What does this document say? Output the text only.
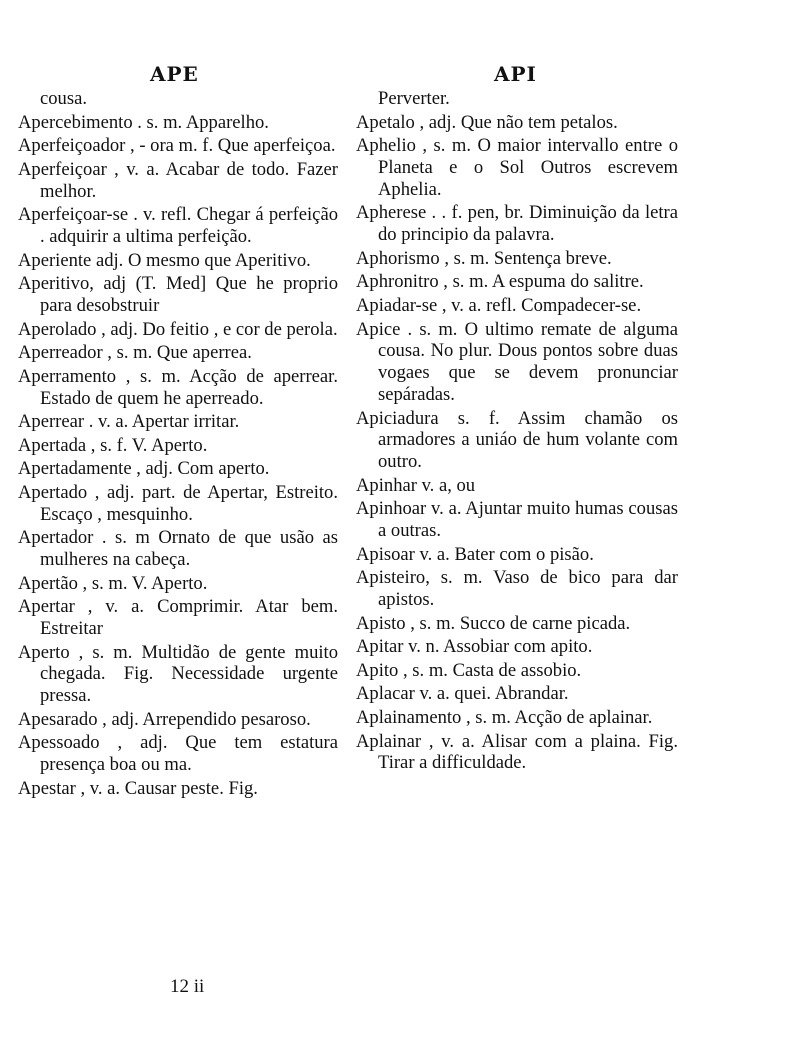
APE	API

cousa.

Apercebimento . s. m. Apparelho.

Aperfeiçoador , - ora m. f. Que aperfeiçoa.

Aperfeiçoar , v. a. Acabar de todo. Fazer melhor.

Aperfeiçoar-se . v. refl. Chegar á perfeição . adquirir a ultima perfeição.

Aperiente adj. O mesmo que Aperitivo.

Aperitivo, adj (T. Med] Que he proprio para desobstruir

Aperolado , adj. Do feitio , e cor de perola.

Aperreador , s. m. Que aperrea.

Aperramento , s. m. Acção de aperrear. Estado de quem he aperreado.

Aperrear . v. a. Apertar irritar.

Apertada , s. f. V. Aperto.

Apertadamente , adj. Com aperto.

Apertado , adj. part. de Apertar, Estreito. Escaço , mesquinho.

Apertador . s. m Ornato de que usão as mulheres na cabeça.

Apertão , s. m. V. Aperto.

Apertar , v. a. Comprimir. Atar bem. Estreitar

Aperto , s. m. Multidão de gente muito chegada. Fig. Necessidade urgente pressa.

Apesarado , adj. Arrependido pesaroso.

Apessoado , adj. Que tem estatura presença boa ou ma.

Apestar , v. a. Causar peste. Fig.

Perverter.

Apetalo , adj. Que não tem petalos.

Aphelio , s. m. O maior intervallo entre o Planeta e o Sol Outros escrevem Aphelia.

Apherese . . f. pen, br. Diminuição da letra do principio da palavra.

Aphorismo , s. m. Sentença breve.

Aphronitro , s. m. A espuma do salitre.

Apiadar-se , v. a. refl. Compadecer-se.

Apice . s. m. O ultimo remate de alguma cousa. No plur. Dous pontos sobre duas vogaes que se devem pronunciar sepáradas.

Apiciadura s. f. Assim chamão os armadores a uniáo de hum volante com outro.

Apinhar v. a, ou

Apinhoar v. a. Ajuntar muito humas cousas a outras.

Apisoar v. a. Bater com o pisão.

Apisteiro, s. m. Vaso de bico para dar apistos.

Apisto , s. m. Succo de carne picada.

Apitar v. n. Assobiar com apito.

Apito , s. m. Casta de assobio.

Aplacar v. a. quei. Abrandar.

Aplainamento , s. m. Acção de aplainar.

Aplainar , v. a. Alisar com a plaina. Fig. Tirar a difficuldade.

12 ii
